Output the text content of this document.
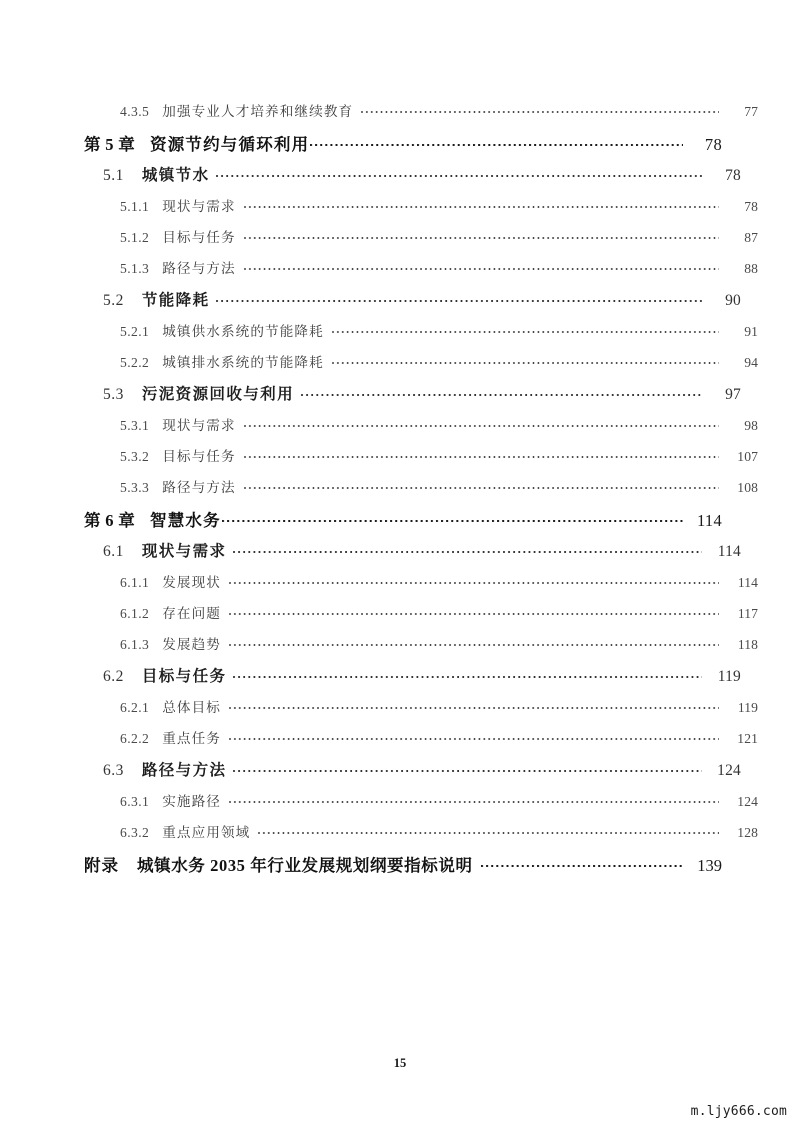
4.3.5 加强专业人才培养和继续教育	77
第 5 章 资源节约与循环利用	78
5.1 城镇节水	78
5.1.1 现状与需求	78
5.1.2 目标与任务	87
5.1.3 路径与方法	88
5.2 节能降耗	90
5.2.1 城镇供水系统的节能降耗	91
5.2.2 城镇排水系统的节能降耗	94
5.3 污泥资源回收与利用	97
5.3.1 现状与需求	98
5.3.2 目标与任务	107
5.3.3 路径与方法	108
第 6 章 智慧水务	114
6.1 现状与需求	114
6.1.1 发展现状	114
6.1.2 存在问题	117
6.1.3 发展趋势	118
6.2 目标与任务	119
6.2.1 总体目标	119
6.2.2 重点任务	121
6.3 路径与方法	124
6.3.1 实施路径	124
6.3.2 重点应用领域	128
附录 城镇水务 2035 年行业发展规划纲要指标说明	139
15
m.ljy666.com
